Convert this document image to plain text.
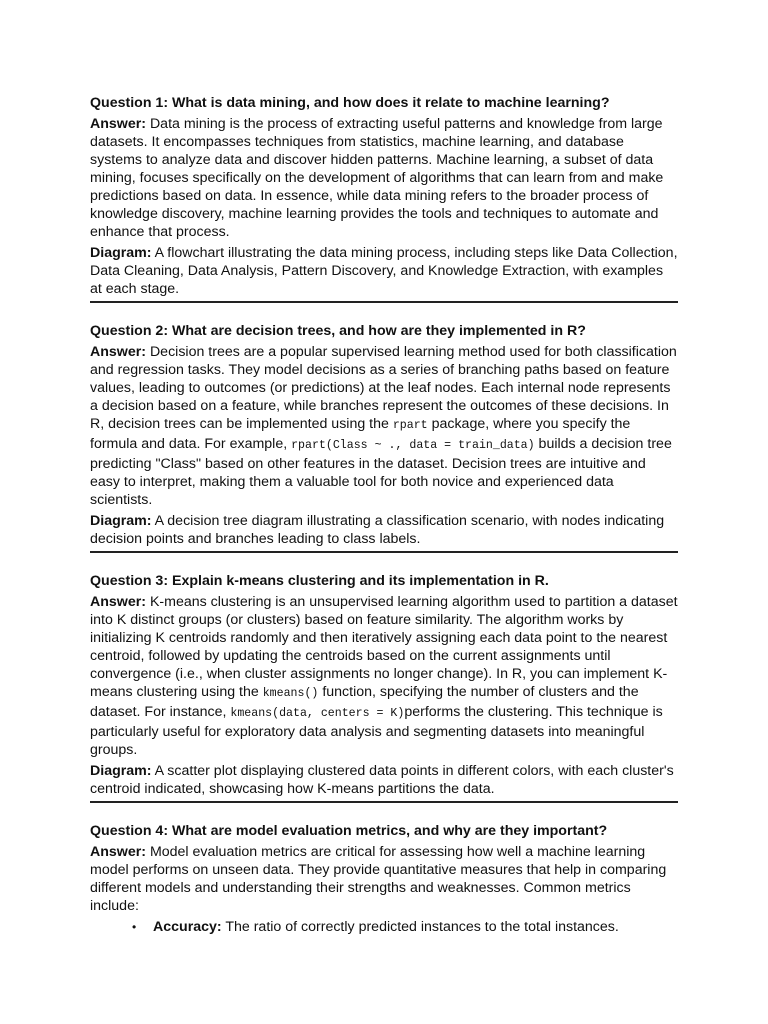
Question 1: What is data mining, and how does it relate to machine learning?

Answer: Data mining is the process of extracting useful patterns and knowledge from large datasets. It encompasses techniques from statistics, machine learning, and database systems to analyze data and discover hidden patterns. Machine learning, a subset of data mining, focuses specifically on the development of algorithms that can learn from and make predictions based on data. In essence, while data mining refers to the broader process of knowledge discovery, machine learning provides the tools and techniques to automate and enhance that process.

Diagram: A flowchart illustrating the data mining process, including steps like Data Collection, Data Cleaning, Data Analysis, Pattern Discovery, and Knowledge Extraction, with examples at each stage.

Question 2: What are decision trees, and how are they implemented in R?

Answer: Decision trees are a popular supervised learning method used for both classification and regression tasks. They model decisions as a series of branching paths based on feature values, leading to outcomes (or predictions) at the leaf nodes. Each internal node represents a decision based on a feature, while branches represent the outcomes of these decisions. In R, decision trees can be implemented using the rpart package, where you specify the formula and data. For example, rpart(Class ~ ., data = train_data) builds a decision tree predicting "Class" based on other features in the dataset. Decision trees are intuitive and easy to interpret, making them a valuable tool for both novice and experienced data scientists.

Diagram: A decision tree diagram illustrating a classification scenario, with nodes indicating decision points and branches leading to class labels.

Question 3: Explain k-means clustering and its implementation in R.

Answer: K-means clustering is an unsupervised learning algorithm used to partition a dataset into K distinct groups (or clusters) based on feature similarity. The algorithm works by initializing K centroids randomly and then iteratively assigning each data point to the nearest centroid, followed by updating the centroids based on the current assignments until convergence (i.e., when cluster assignments no longer change). In R, you can implement K-means clustering using the kmeans() function, specifying the number of clusters and the dataset. For instance, kmeans(data, centers = K)performs the clustering. This technique is particularly useful for exploratory data analysis and segmenting datasets into meaningful groups.

Diagram: A scatter plot displaying clustered data points in different colors, with each cluster's centroid indicated, showcasing how K-means partitions the data.

Question 4: What are model evaluation metrics, and why are they important?

Answer: Model evaluation metrics are critical for assessing how well a machine learning model performs on unseen data. They provide quantitative measures that help in comparing different models and understanding their strengths and weaknesses. Common metrics include:

• Accuracy: The ratio of correctly predicted instances to the total instances.
